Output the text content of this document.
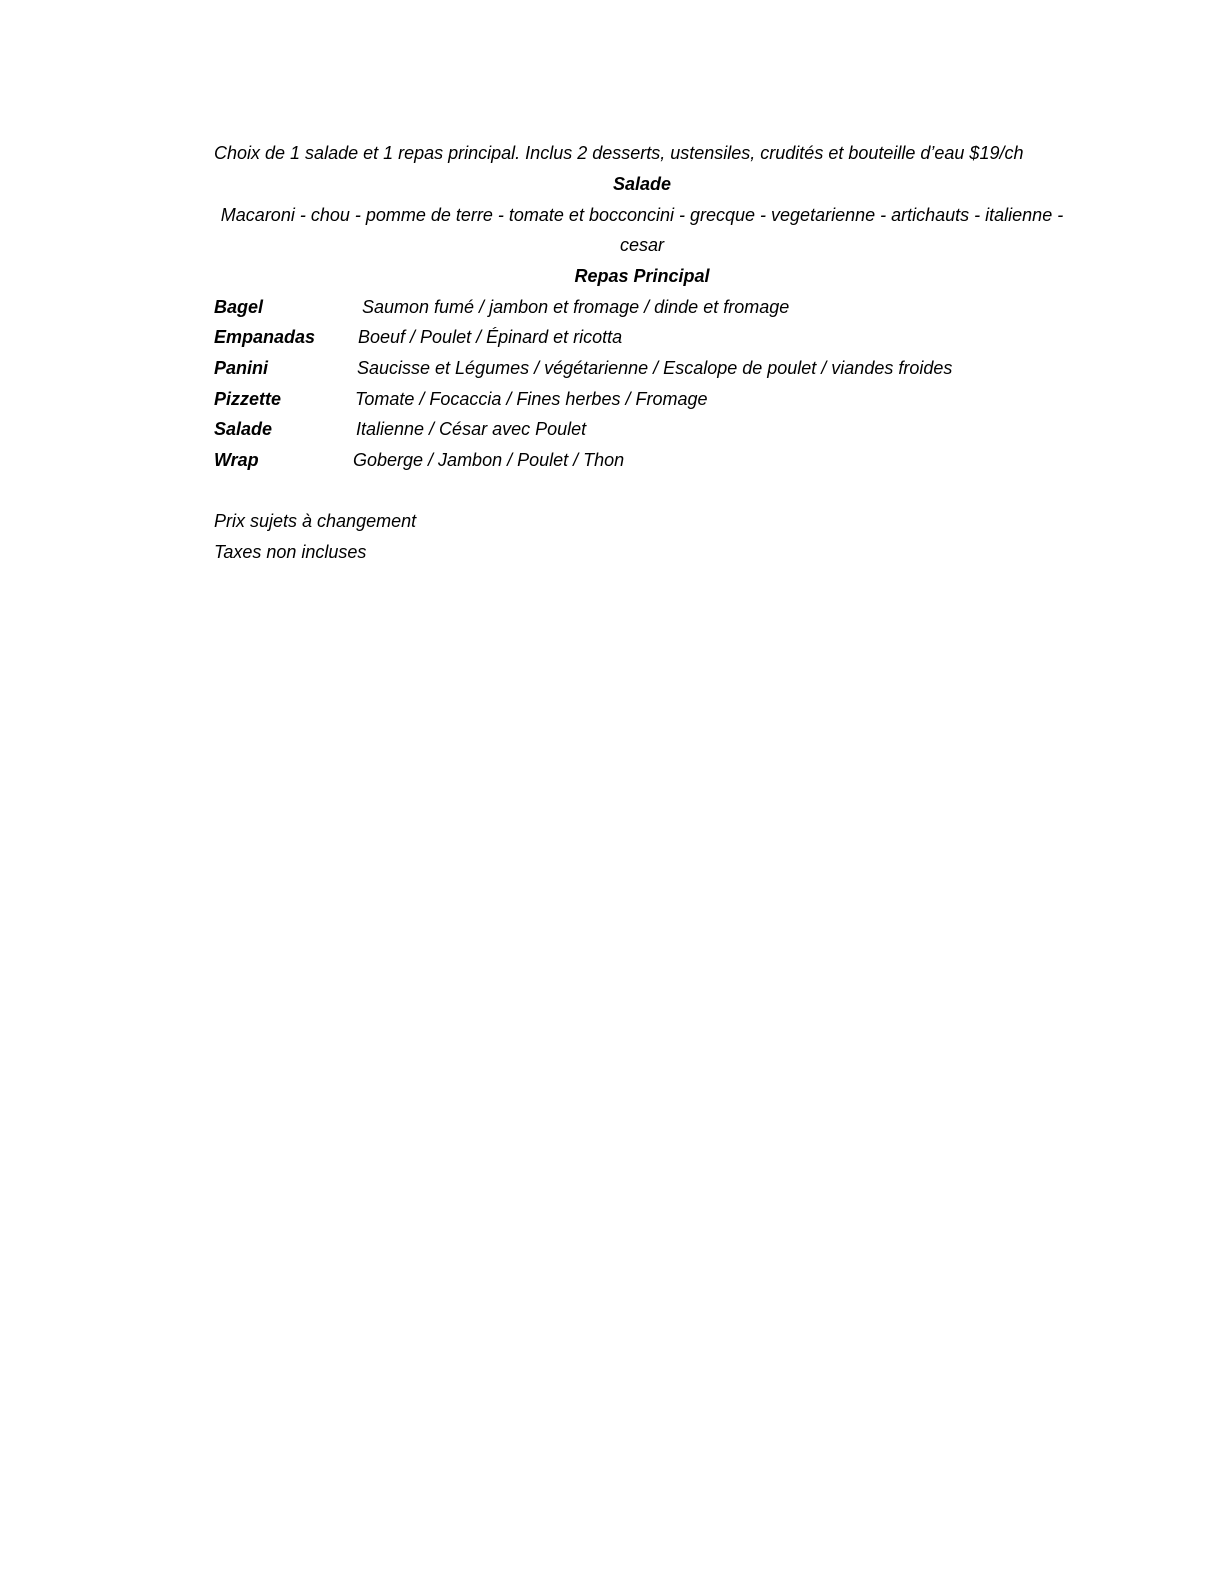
Choix de 1 salade et 1 repas principal. Inclus 2 desserts, ustensiles, crudités et bouteille d’eau $19/ch
Salade
Macaroni - chou - pomme de terre - tomate et bocconcini - grecque - vegetarienne - artichauts - italienne -
cesar
Repas Principal
Bagel	Saumon fumé / jambon et fromage / dinde et fromage
Empanadas Boeuf / Poulet / Épinard et ricotta
Panini	Saucisse et Légumes / végétarienne / Escalope de poulet / viandes froides
Pizzette	Tomate / Focaccia / Fines herbes / Fromage
Salade	Italienne / César avec Poulet
Wrap	Goberge / Jambon / Poulet / Thon
Prix sujets à changement
Taxes non incluses
